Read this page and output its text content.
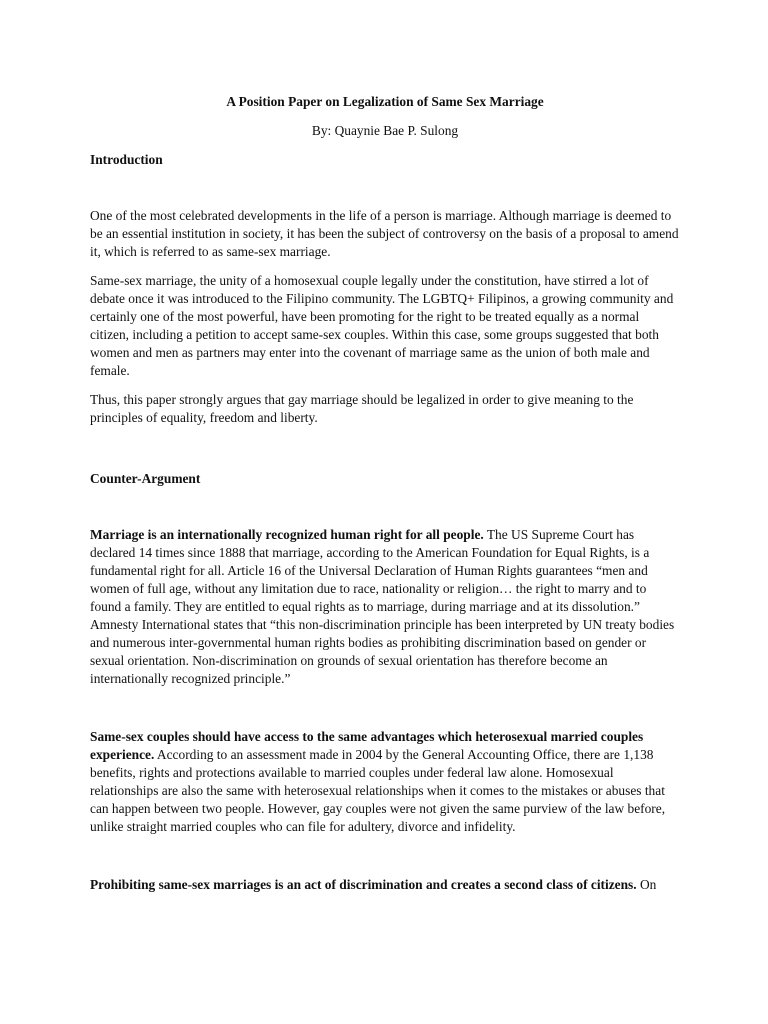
A Position Paper on Legalization of Same Sex Marriage
By: Quaynie Bae P. Sulong
Introduction

One of the most celebrated developments in the life of a person is marriage. Although marriage is deemed to be an essential institution in society, it has been the subject of controversy on the basis of a proposal to amend it, which is referred to as same-sex marriage.

Same-sex marriage, the unity of a homosexual couple legally under the constitution, have stirred a lot of debate once it was introduced to the Filipino community. The LGBTQ+ Filipinos, a growing community and certainly one of the most powerful, have been promoting for the right to be treated equally as a normal citizen, including a petition to accept same-sex couples. Within this case, some groups suggested that both women and men as partners may enter into the covenant of marriage same as the union of both male and female.

Thus, this paper strongly argues that gay marriage should be legalized in order to give meaning to the principles of equality, freedom and liberty.

Counter-Argument

Marriage is an internationally recognized human right for all people. The US Supreme Court has declared 14 times since 1888 that marriage, according to the American Foundation for Equal Rights, is a fundamental right for all. Article 16 of the Universal Declaration of Human Rights guarantees “men and women of full age, without any limitation due to race, nationality or religion… the right to marry and to found a family. They are entitled to equal rights as to marriage, during marriage and at its dissolution.” Amnesty International states that “this non-discrimination principle has been interpreted by UN treaty bodies and numerous inter-governmental human rights bodies as prohibiting discrimination based on gender or sexual orientation. Non-discrimination on grounds of sexual orientation has therefore become an internationally recognized principle.”

Same-sex couples should have access to the same advantages which heterosexual married couples experience. According to an assessment made in 2004 by the General Accounting Office, there are 1,138 benefits, rights and protections available to married couples under federal law alone. Homosexual relationships are also the same with heterosexual relationships when it comes to the mistakes or abuses that can happen between two people. However, gay couples were not given the same purview of the law before, unlike straight married couples who can file for adultery, divorce and infidelity.

Prohibiting same-sex marriages is an act of discrimination and creates a second class of citizens. On
